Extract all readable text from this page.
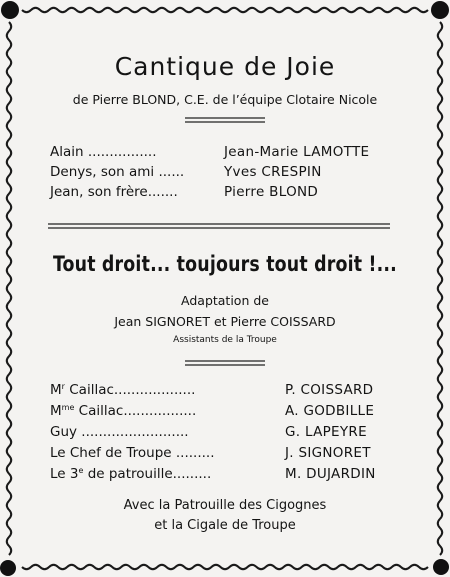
Cantique de Joie
de Pierre BLOND, C.E. de l’équipe Clotaire Nicole
Alain ................	Jean-Marie LAMOTTE
Denys, son ami ......	Yves CRESPIN
Jean, son frère.......	Pierre BLOND
Tout droit... toujours tout droit !...
Adaptation de
Jean SIGNORET et Pierre COISSARD
Assistants de la Troupe
$M^r$ Caillac...................	P. COISSARD
$M^{me}$ Caillac.................	A. GODBILLE
Guy .........................	G. LAPEYRE
Le Chef de Troupe .........	J. SIGNORET
Le 3e de patrouille.........	M. DUJARDIN
Avec la Patrouille des Cigognes
et la Cigale de Troupe
